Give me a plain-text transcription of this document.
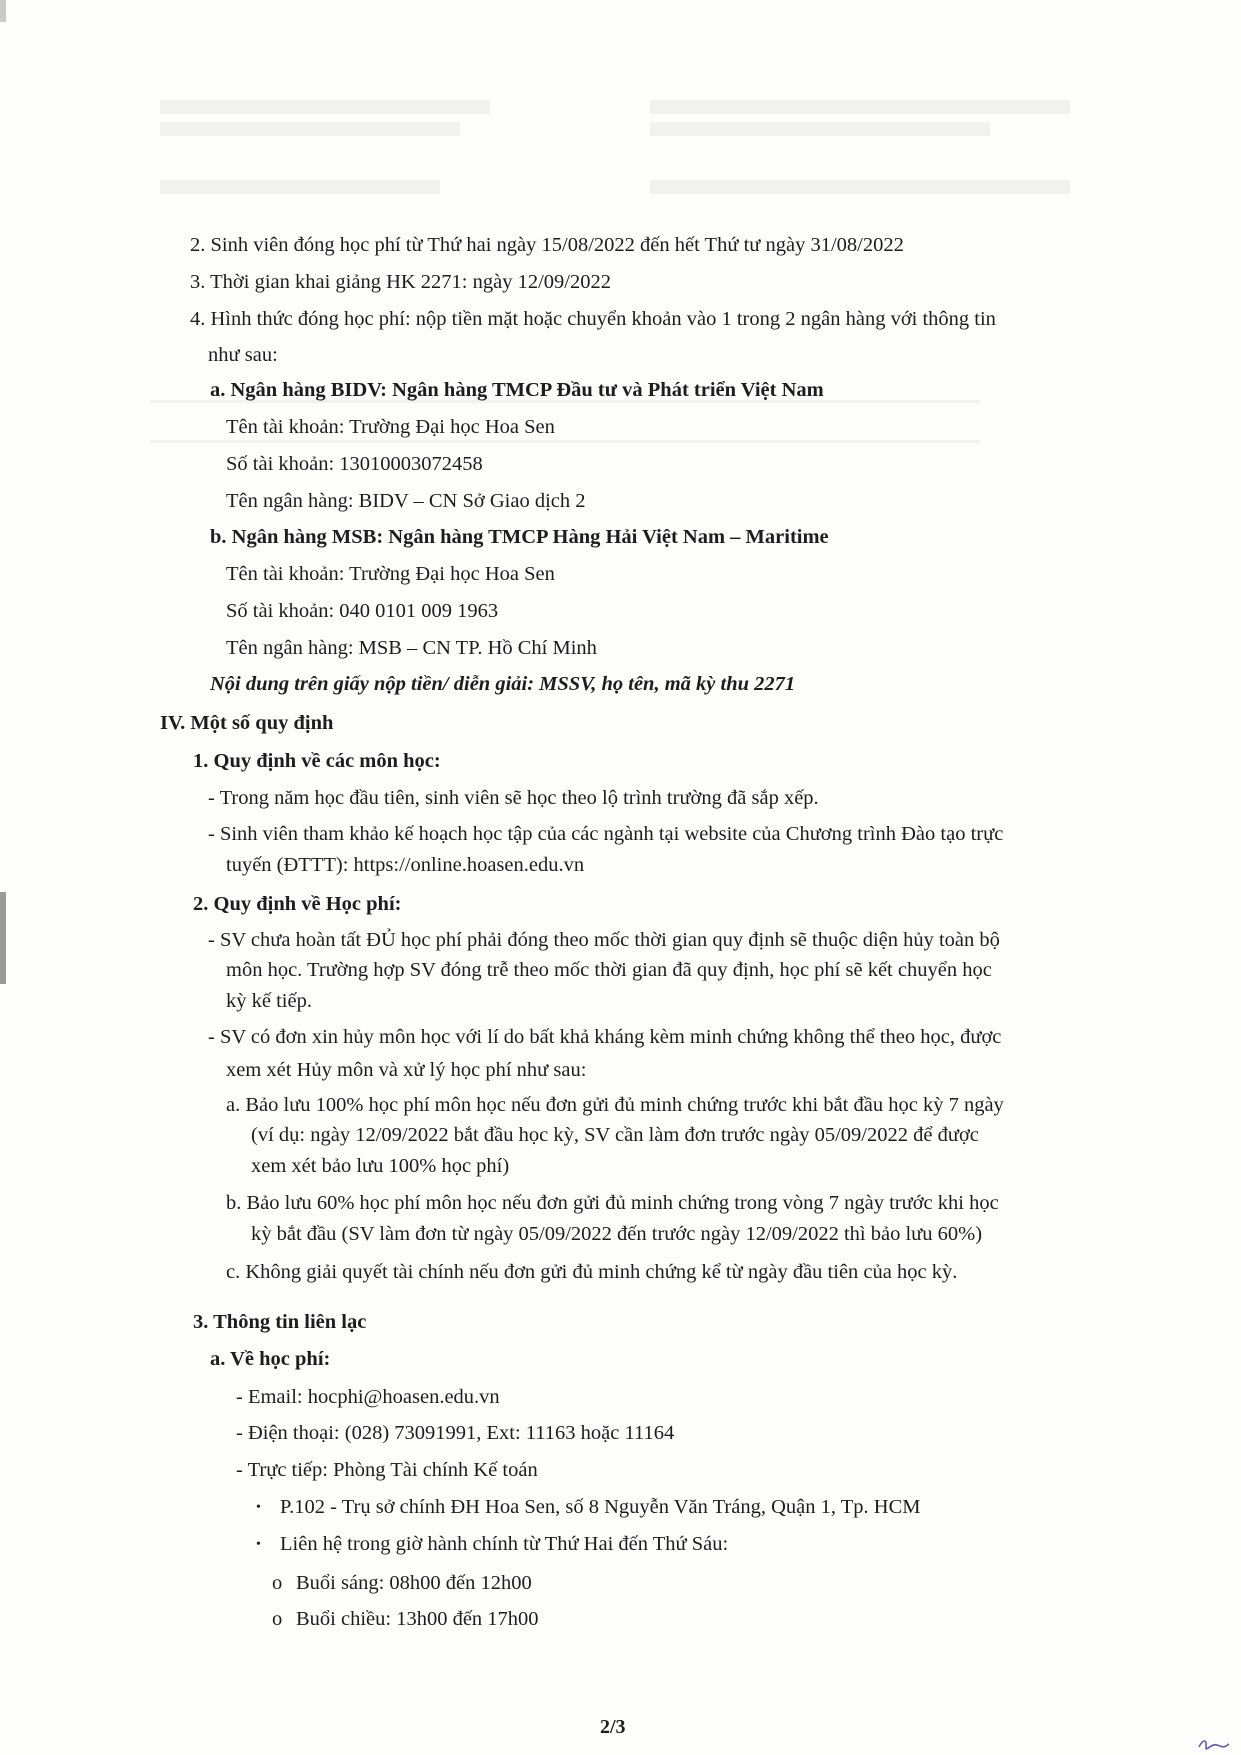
2. Sinh viên đóng học phí từ Thứ hai ngày 15/08/2022 đến hết Thứ tư ngày 31/08/2022
3. Thời gian khai giảng HK 2271: ngày 12/09/2022
4. Hình thức đóng học phí: nộp tiền mặt hoặc chuyển khoản vào 1 trong 2 ngân hàng với thông tin
như sau:
a. Ngân hàng BIDV: Ngân hàng TMCP Đầu tư và Phát triển Việt Nam
Tên tài khoản: Trường Đại học Hoa Sen
Số tài khoản: 13010003072458
Tên ngân hàng: BIDV – CN Sở Giao dịch 2
b. Ngân hàng MSB: Ngân hàng TMCP Hàng Hải Việt Nam – Maritime
Tên tài khoản: Trường Đại học Hoa Sen
Số tài khoản: 040 0101 009 1963
Tên ngân hàng: MSB – CN TP. Hồ Chí Minh
Nội dung trên giấy nộp tiền/ diễn giải: MSSV, họ tên, mã kỳ thu 2271
IV. Một số quy định
1. Quy định về các môn học:
- Trong năm học đầu tiên, sinh viên sẽ học theo lộ trình trường đã sắp xếp.
- Sinh viên tham khảo kế hoạch học tập của các ngành tại website của Chương trình Đào tạo trực
tuyến (ĐTTT): https://online.hoasen.edu.vn
2. Quy định về Học phí:
- SV chưa hoàn tất ĐỦ học phí phải đóng theo mốc thời gian quy định sẽ thuộc diện hủy toàn bộ
môn học. Trường hợp SV đóng trễ theo mốc thời gian đã quy định, học phí sẽ kết chuyển học
kỳ kế tiếp.
- SV có đơn xin hủy môn học với lí do bất khả kháng kèm minh chứng không thể theo học, được
xem xét Hủy môn và xử lý học phí như sau:
a. Bảo lưu 100% học phí môn học nếu đơn gửi đủ minh chứng trước khi bắt đầu học kỳ 7 ngày
(ví dụ: ngày 12/09/2022 bắt đầu học kỳ, SV cần làm đơn trước ngày 05/09/2022 để được
xem xét bảo lưu 100% học phí)
b. Bảo lưu 60% học phí môn học nếu đơn gửi đủ minh chứng trong vòng 7 ngày trước khi học
kỳ bắt đầu (SV làm đơn từ ngày 05/09/2022 đến trước ngày 12/09/2022 thì bảo lưu 60%)
c. Không giải quyết tài chính nếu đơn gửi đủ minh chứng kể từ ngày đầu tiên của học kỳ.
3. Thông tin liên lạc
a. Về học phí:
- Email: hocphi@hoasen.edu.vn
- Điện thoại: (028) 73091991, Ext: 11163 hoặc 11164
- Trực tiếp: Phòng Tài chính Kế toán
• P.102 - Trụ sở chính ĐH Hoa Sen, số 8 Nguyễn Văn Tráng, Quận 1, Tp. HCM
• Liên hệ trong giờ hành chính từ Thứ Hai đến Thứ Sáu:
o Buổi sáng: 08h00 đến 12h00
o Buổi chiều: 13h00 đến 17h00
2/3
